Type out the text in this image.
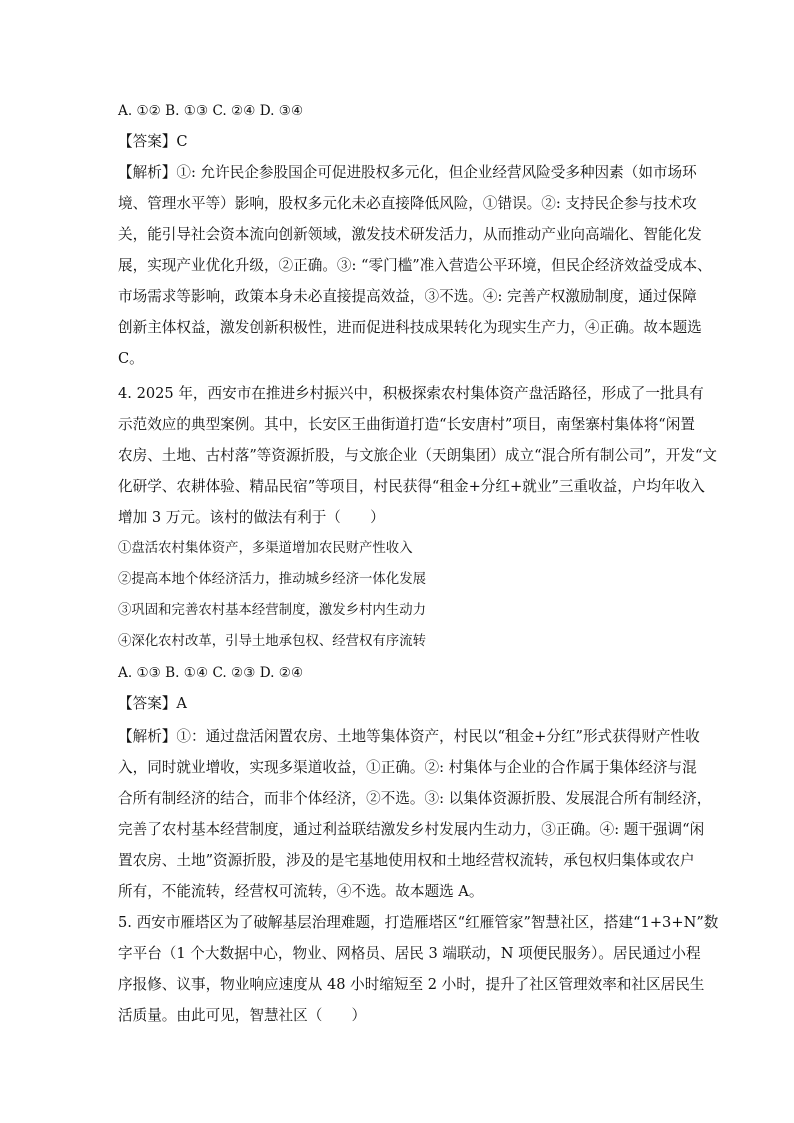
A. ①② B. ①③ C. ②④ D. ③④
【答案】C
【解析】①: 允许民企参股国企可促进股权多元化，但企业经营风险受多种因素（如市场环
境、管理水平等）影响，股权多元化未必直接降低风险，①错误。②: 支持民企参与技术攻
关，能引导社会资本流向创新领域，激发技术研发活力，从而推动产业向高端化、智能化发
展，实现产业优化升级，②正确。③: “零门槛”准入营造公平环境，但民企经济效益受成本、
市场需求等影响，政策本身未必直接提高效益，③不选。④: 完善产权激励制度，通过保障
创新主体权益，激发创新积极性，进而促进科技成果转化为现实生产力，④正确。故本题选
C。
4. 2025 年，西安市在推进乡村振兴中，积极探索农村集体资产盘活路径，形成了一批具有
示范效应的典型案例。其中，长安区王曲街道打造“长安唐村”项目，南堡寨村集体将“闲置
农房、土地、古村落”等资源折股，与文旅企业（天朗集团）成立“混合所有制公司”，开发“文
化研学、农耕体验、精品民宿”等项目，村民获得“租金+分红+就业”三重收益，户均年收入
增加 3 万元。该村的做法有利于（　　）
①盘活农村集体资产，多渠道增加农民财产性收入
②提高本地个体经济活力，推动城乡经济一体化发展
③巩固和完善农村基本经营制度，激发乡村内生动力
④深化农村改革，引导土地承包权、经营权有序流转
A. ①③ B. ①④ C. ②③ D. ②④
【答案】A
【解析】①：通过盘活闲置农房、土地等集体资产，村民以“租金+分红”形式获得财产性收
入，同时就业增收，实现多渠道收益，①正确。②: 村集体与企业的合作属于集体经济与混
合所有制经济的结合，而非个体经济，②不选。③: 以集体资源折股、发展混合所有制经济，
完善了农村基本经营制度，通过利益联结激发乡村发展内生动力，③正确。④: 题干强调“闲
置农房、土地”资源折股，涉及的是宅基地使用权和土地经营权流转，承包权归集体或农户
所有，不能流转，经营权可流转，④不选。故本题选 A。
5. 西安市雁塔区为了破解基层治理难题，打造雁塔区“红雁管家”智慧社区，搭建“1+3+N”数
字平台（1 个大数据中心，物业、网格员、居民 3 端联动，N 项便民服务）。居民通过小程
序报修、议事，物业响应速度从 48 小时缩短至 2 小时，提升了社区管理效率和社区居民生
活质量。由此可见，智慧社区（　　）
